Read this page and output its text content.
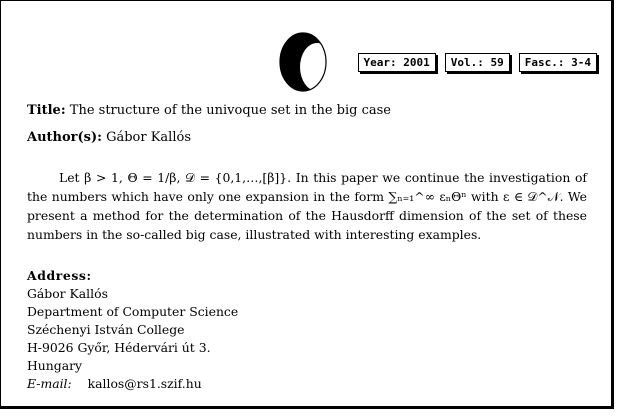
Year: 2001	Vol.: 59	Fasc.: 3-4
Title: The structure of the univoque set in the big case
Author(s): Gábor Kallós

Let β > 1, Θ = 1/β, 𝒟 = {0,1,…,[β]}. In this paper we continue the investigation of the numbers which have only one expansion in the form ∑ₙ₌₁^∞ εₙΘⁿ with ε ∈ 𝒟^𝒩. We present a method for the determination of the Hausdorff dimension of the set of these numbers in the so-called big case, illustrated with interesting examples.

Address:
Gábor Kallós
Department of Computer Science
Széchenyi István College
H-9026 Győr, Hédervári út 3.
Hungary
E-mail: kallos@rs1.szif.hu
